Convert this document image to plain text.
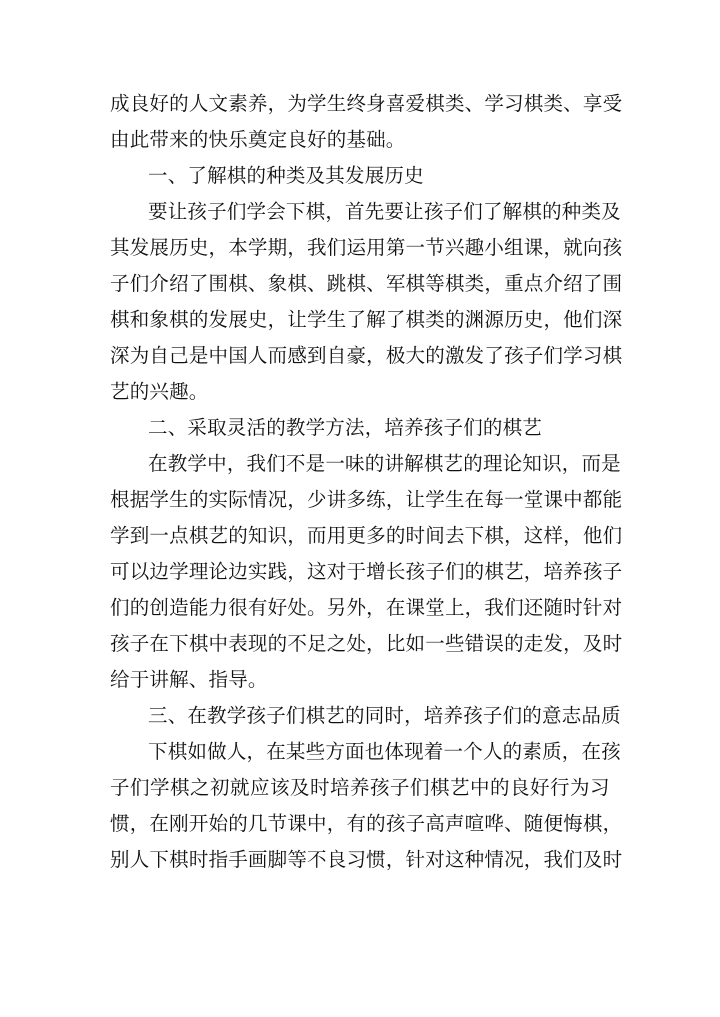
成 良 好 的 人 文 素 养 ， 为 学 生 终 身 喜 爱 棋 类 、 学 习 棋 类 、 享 受
由此带来的快乐奠定良好的基础。
一、了解棋的种类及其发展历史
要 让 孩 子 们 学 会 下 棋 ， 首 先 要 让 孩 子 们 了 解 棋 的 种 类 及
其 发 展 历 史 ， 本 学 期 ， 我 们 运 用 第 一 节 兴 趣 小 组 课 ， 就 向 孩
子 们 介 绍 了 围 棋 、 象 棋 、 跳 棋 、 军 棋 等 棋 类 ， 重 点 介 绍 了 围
棋 和 象 棋 的 发 展 史 ， 让 学 生 了 解 了 棋 类 的 渊 源 历 史 ， 他 们 深
深 为 自 己 是 中 国 人 而 感 到 自 豪 ， 极 大 的 激 发 了 孩 子 们 学 习 棋
艺的兴趣。
二、采取灵活的教学方法，培养孩子们的棋艺
在 教 学 中 ， 我 们 不 是 一 味 的 讲 解 棋 艺 的 理 论 知 识 ， 而 是
根 据 学 生 的 实 际 情 况 ， 少 讲 多 练 ， 让 学 生 在 每 一 堂 课 中 都 能
学 到 一 点 棋 艺 的 知 识 ， 而 用 更 多 的 时 间 去 下 棋 ， 这 样 ， 他 们
可 以 边 学 理 论 边 实 践 ， 这 对 于 增 长 孩 子 们 的 棋 艺 ， 培 养 孩 子
们 的 创 造 能 力 很 有 好 处 。 另 外 ， 在 课 堂 上 ， 我 们 还 随 时 针 对
孩 子 在 下 棋 中 表 现 的 不 足 之 处 ， 比 如 一 些 错 误 的 走 发 ， 及 时
给于讲解、指导。
三、在教学孩子们棋艺的同时，培养孩子们的意志品质
下 棋 如 做 人 ， 在 某 些 方 面 也 体 现 着 一 个 人 的 素 质 ， 在 孩
子 们 学 棋 之 初 就 应 该 及 时 培 养 孩 子 们 棋 艺 中 的 良 好 行 为 习
惯 ， 在 刚 开 始 的 几 节 课 中 ， 有 的 孩 子 高 声 喧 哗 、 随 便 悔 棋 ，
别 人 下 棋 时 指 手 画 脚 等 不 良 习 惯 ， 针 对 这 种 情 况 ， 我 们 及 时
